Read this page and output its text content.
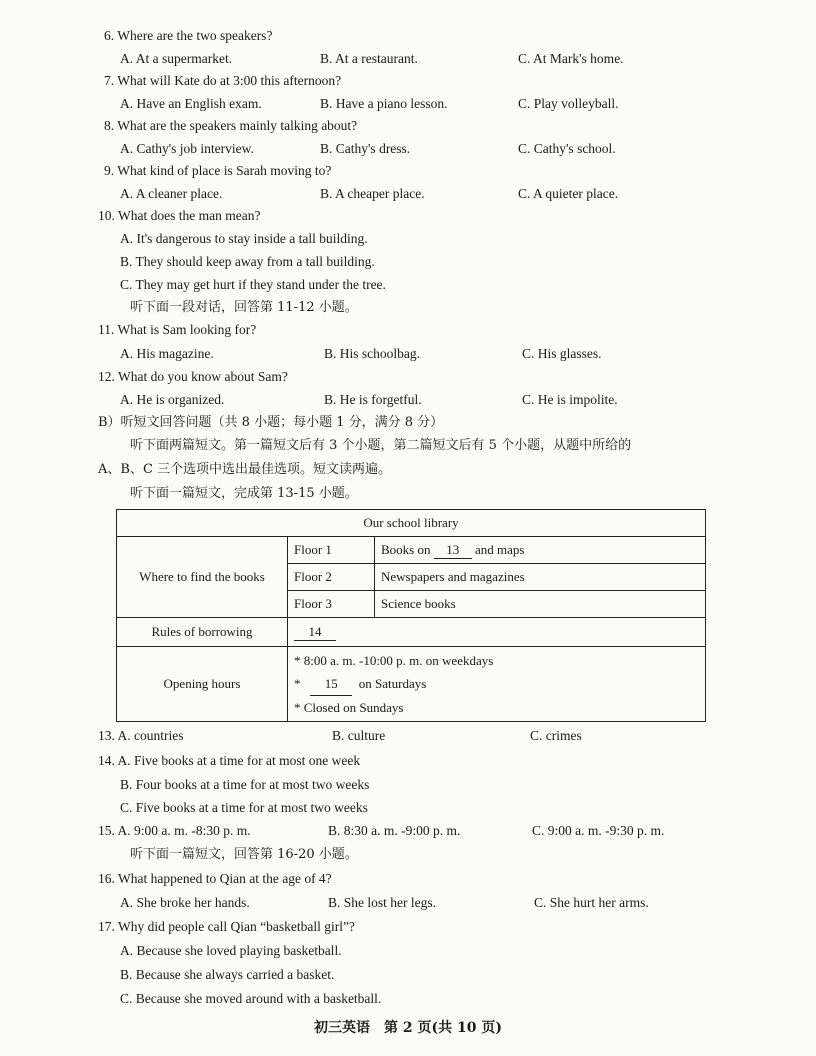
6. Where are the two speakers?
A. At a supermarket.	B. At a restaurant.	C. At Mark's home.
7. What will Kate do at 3:00 this afternoon?
A. Have an English exam.	B. Have a piano lesson.	C. Play volleyball.
8. What are the speakers mainly talking about?
A. Cathy's job interview.	B. Cathy's dress.	C. Cathy's school.
9. What kind of place is Sarah moving to?
A. A cleaner place.	B. A cheaper place.	C. A quieter place.
10. What does the man mean?
A. It's dangerous to stay inside a tall building.
B. They should keep away from a tall building.
C. They may get hurt if they stand under the tree.
听下面一段对话，回答第 11-12 小题。
11. What is Sam looking for?
A. His magazine.	B. His schoolbag.	C. His glasses.
12. What do you know about Sam?
A. He is organized.	B. He is forgetful.	C. He is impolite.
B）听短文回答问题（共 8 小题；每小题 1 分，满分 8 分）
听下面两篇短文。第一篇短文后有 3 个小题，第二篇短文后有 5 个小题，从题中所给的
A、B、C 三个选项中选出最佳选项。短文读两遍。
听下面一篇短文，完成第 13-15 小题。
Our school library		
Where to find the books	Floor 1	Books on 13 and maps
	Floor 2	Newspapers and magazines
	Floor 3	Science books
Rules of borrowing	14	
Opening hours	* 8:00 a. m. -10:00 p. m. on weekdays
* 15 on Saturdays
* Closed on Sundays	
13. A. countries	B. culture	C. crimes
14. A. Five books at a time for at most one week
B. Four books at a time for at most two weeks
C. Five books at a time for at most two weeks
15. A. 9:00 a. m. -8:30 p. m.	B. 8:30 a. m. -9:00 p. m.	C. 9:00 a. m. -9:30 p. m.
听下面一篇短文，回答第 16-20 小题。
16. What happened to Qian at the age of 4?
A. She broke her hands.	B. She lost her legs.	C. She hurt her arms.
17. Why did people call Qian “basketball girl”?
A. Because she loved playing basketball.
B. Because she always carried a basket.
C. Because she moved around with a basketball.
初三英语　第 2 页(共 10 页)
